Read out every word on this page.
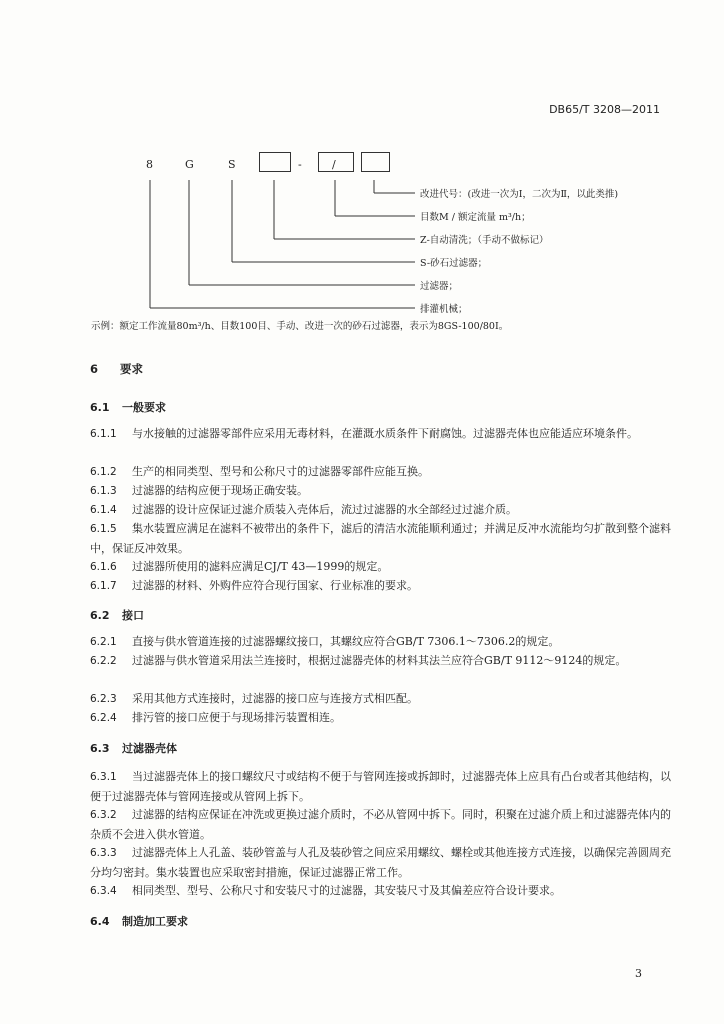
DB65/T 3208—2011
8	G	S	-	/
改进代号：(改进一次为Ⅰ，二次为Ⅱ，以此类推)
目数M / 额定流量 m³/h；
Z-自动清洗；（手动不做标记）
S-砂石过滤器；
过滤器；
排灌机械；
示例：额定工作流量80m³/h、目数100目、手动、改进一次的砂石过滤器，表示为8GS-100/80Ⅰ。
6 要求
6.1 一般要求
6.1.1 与水接触的过滤器零部件应采用无毒材料，在灌溉水质条件下耐腐蚀。过滤器壳体也应能适应环境条件。
6.1.2 生产的相同类型、型号和公称尺寸的过滤器零部件应能互换。
6.1.3 过滤器的结构应便于现场正确安装。
6.1.4 过滤器的设计应保证过滤介质装入壳体后，流过过滤器的水全部经过过滤介质。
6.1.5 集水装置应满足在滤料不被带出的条件下，滤后的清洁水流能顺利通过；并满足反冲水流能均匀扩散到整个滤料中，保证反冲效果。
6.1.6 过滤器所使用的滤料应满足CJ/T 43—1999的规定。
6.1.7 过滤器的材料、外购件应符合现行国家、行业标准的要求。
6.2 接口
6.2.1 直接与供水管道连接的过滤器螺纹接口，其螺纹应符合GB/T 7306.1～7306.2的规定。
6.2.2 过滤器与供水管道采用法兰连接时，根据过滤器壳体的材料其法兰应符合GB/T 9112～9124的规定。
6.2.3 采用其他方式连接时，过滤器的接口应与连接方式相匹配。
6.2.4 排污管的接口应便于与现场排污装置相连。
6.3 过滤器壳体
6.3.1 当过滤器壳体上的接口螺纹尺寸或结构不便于与管网连接或拆卸时，过滤器壳体上应具有凸台或者其他结构，以便于过滤器壳体与管网连接或从管网上拆下。
6.3.2 过滤器的结构应保证在冲洗或更换过滤介质时，不必从管网中拆下。同时，积聚在过滤介质上和过滤器壳体内的杂质不会进入供水管道。
6.3.3 过滤器壳体上人孔盖、装砂管盖与人孔及装砂管之间应采用螺纹、螺栓或其他连接方式连接，以确保完善圆周充分均匀密封。集水装置也应采取密封措施，保证过滤器正常工作。
6.3.4 相同类型、型号、公称尺寸和安装尺寸的过滤器，其安装尺寸及其偏差应符合设计要求。
6.4 制造加工要求
3
